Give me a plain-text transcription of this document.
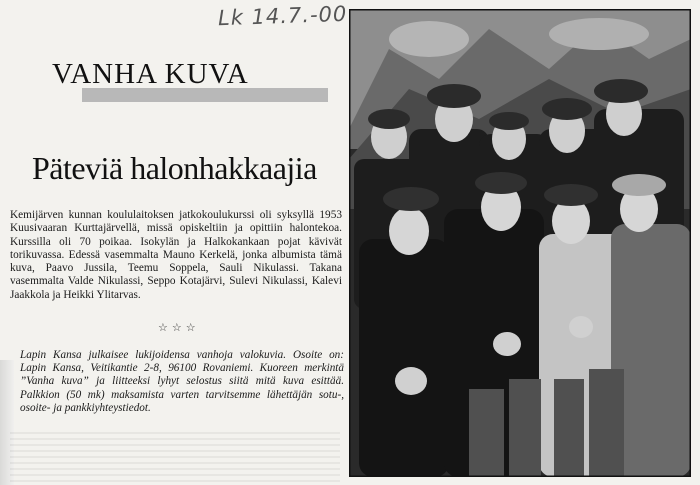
Lk 14.7.-00
VANHA KUVA
Päteviä halonhakkaajia

Kemijärven kunnan koululaitoksen jatkokoulukurssi oli syksyllä 1953 Kuusivaaran Kurttajärvellä, missä opiskeltiin ja opittiin halontekoa. Kurssilla oli 70 poikaa. Isokylän ja Halkokankaan pojat kävivät torikuvassa. Edessä vasemmalta Mauno Kerkelä, jonka albumista tämä kuva, Paavo Jussila, Teemu Soppela, Sauli Nikulassi. Takana vasemmalta Valde Nikulassi, Seppo Kotajärvi, Sulevi Nikulassi, Kalevi Jaakkola ja Heikki Ylitarvas.

☆☆☆

Lapin Kansa julkaisee lukijoidensa vanhoja valokuvia. Osoite on: Lapin Kansa, Veitikantie 2-8, 96100 Rovaniemi. Kuoreen merkintä ”Vanha kuva” ja liitteeksi lyhyt selostus siitä mitä kuva esittää. Palkkion (50 mk) maksamista varten tarvitsemme lähettäjän sotu-, osoite- ja pankkiyhteystiedot.
